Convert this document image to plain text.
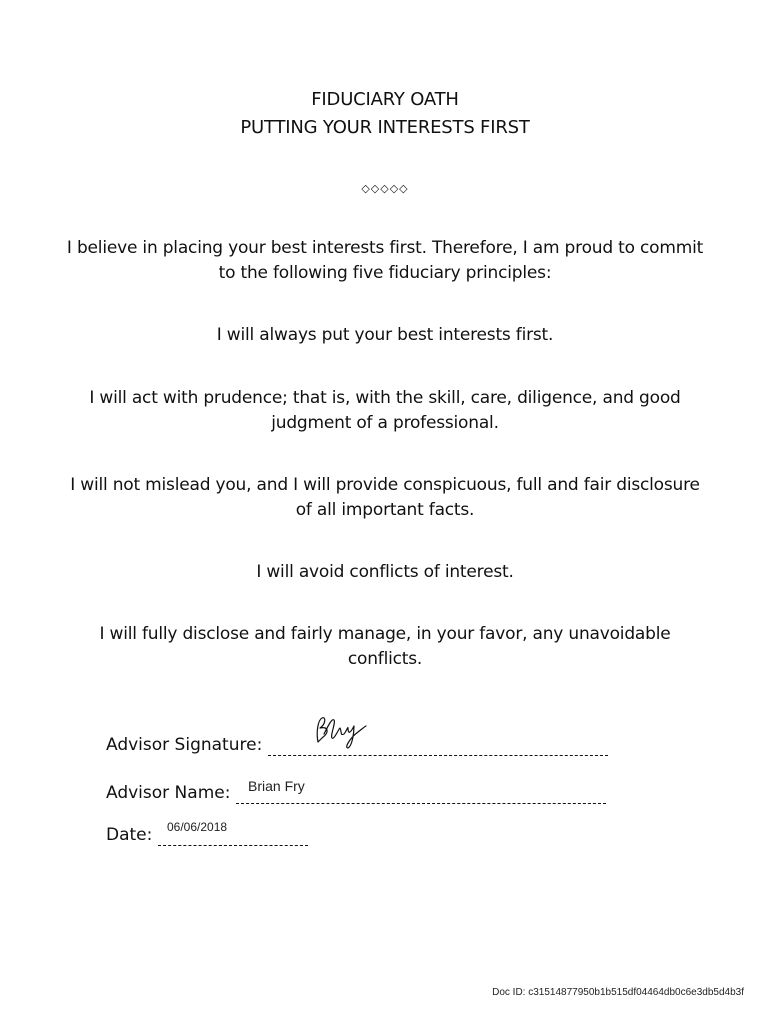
FIDUCIARY OATH
PUTTING YOUR INTERESTS FIRST
◇◇◇◇◇
I believe in placing your best interests first. Therefore, I am proud to commit to the following five fiduciary principles:
I will always put your best interests first.
I will act with prudence; that is, with the skill, care, diligence, and good judgment of a professional.
I will not mislead you, and I will provide conspicuous, full and fair disclosure of all important facts.
I will avoid conflicts of interest.
I will fully disclose and fairly manage, in your favor, any unavoidable conflicts.
Advisor Signature:
Advisor Name:	Brian Fry
Date:	06/06/2018
Doc ID: c31514877950b1b515df04464db0c6e3db5d4b3f
